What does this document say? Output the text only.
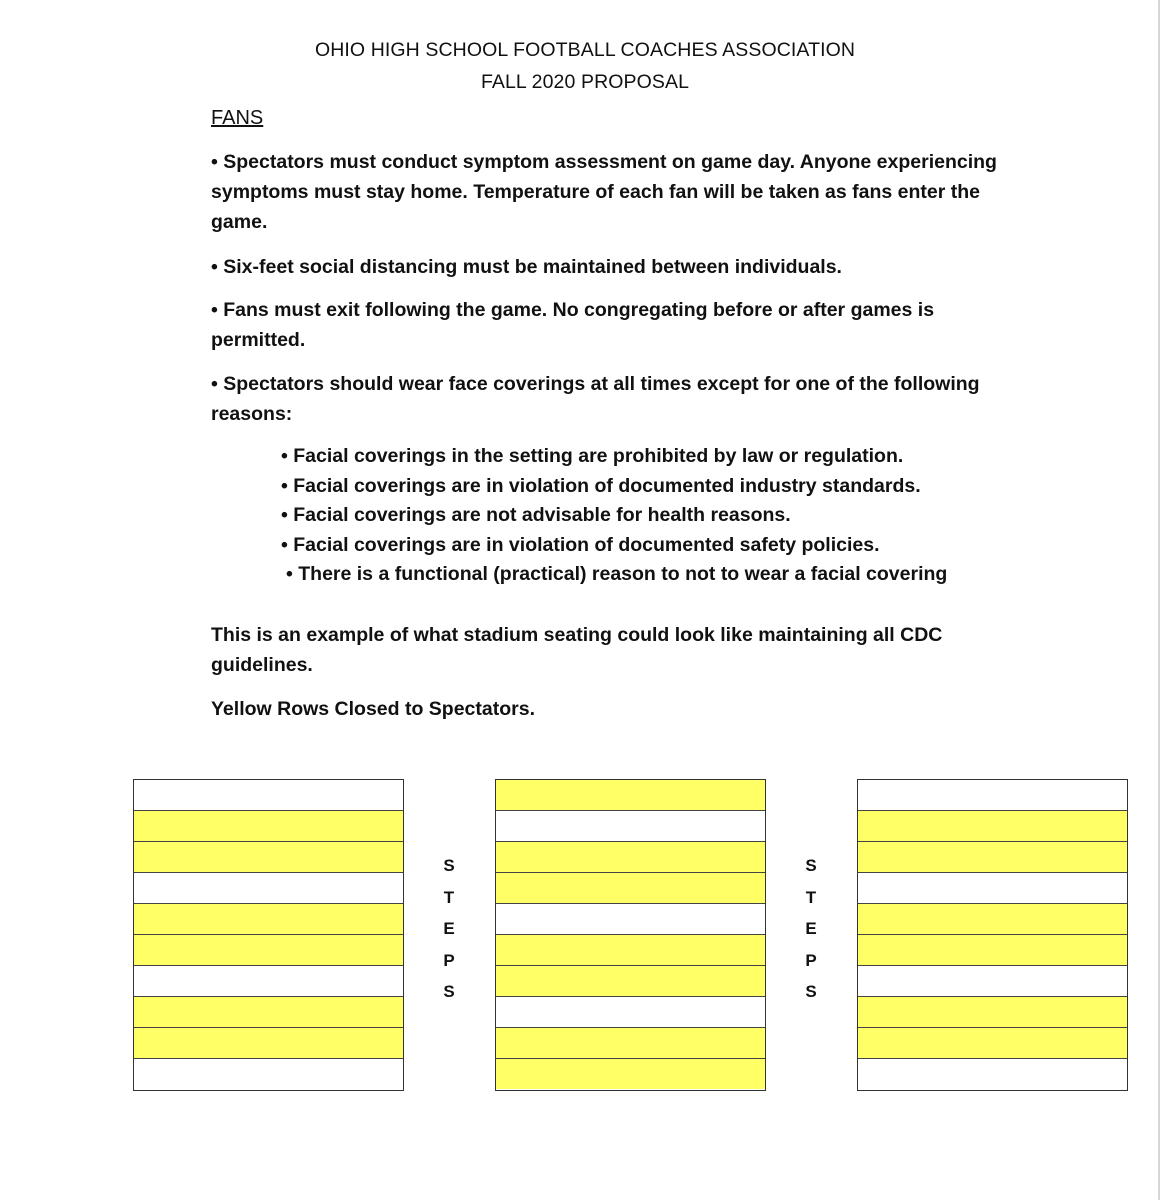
OHIO HIGH SCHOOL FOOTBALL COACHES ASSOCIATION
FALL 2020 PROPOSAL
FANS

• Spectators must conduct symptom assessment on game day. Anyone experiencing symptoms must stay home. Temperature of each fan will be taken as fans enter the game.

• Six-feet social distancing must be maintained between individuals.

• Fans must exit following the game. No congregating before or after games is permitted.

• Spectators should wear face coverings at all times except for one of the following reasons:

• Facial coverings in the setting are prohibited by law or regulation.
• Facial coverings are in violation of documented industry standards.
• Facial coverings are not advisable for health reasons.
• Facial coverings are in violation of documented safety policies.
• There is a functional (practical) reason to not to wear a facial covering

This is an example of what stadium seating could look like maintaining all CDC guidelines.

Yellow Rows Closed to Spectators.

S
T
E
P
S
S
T
E
P
S
